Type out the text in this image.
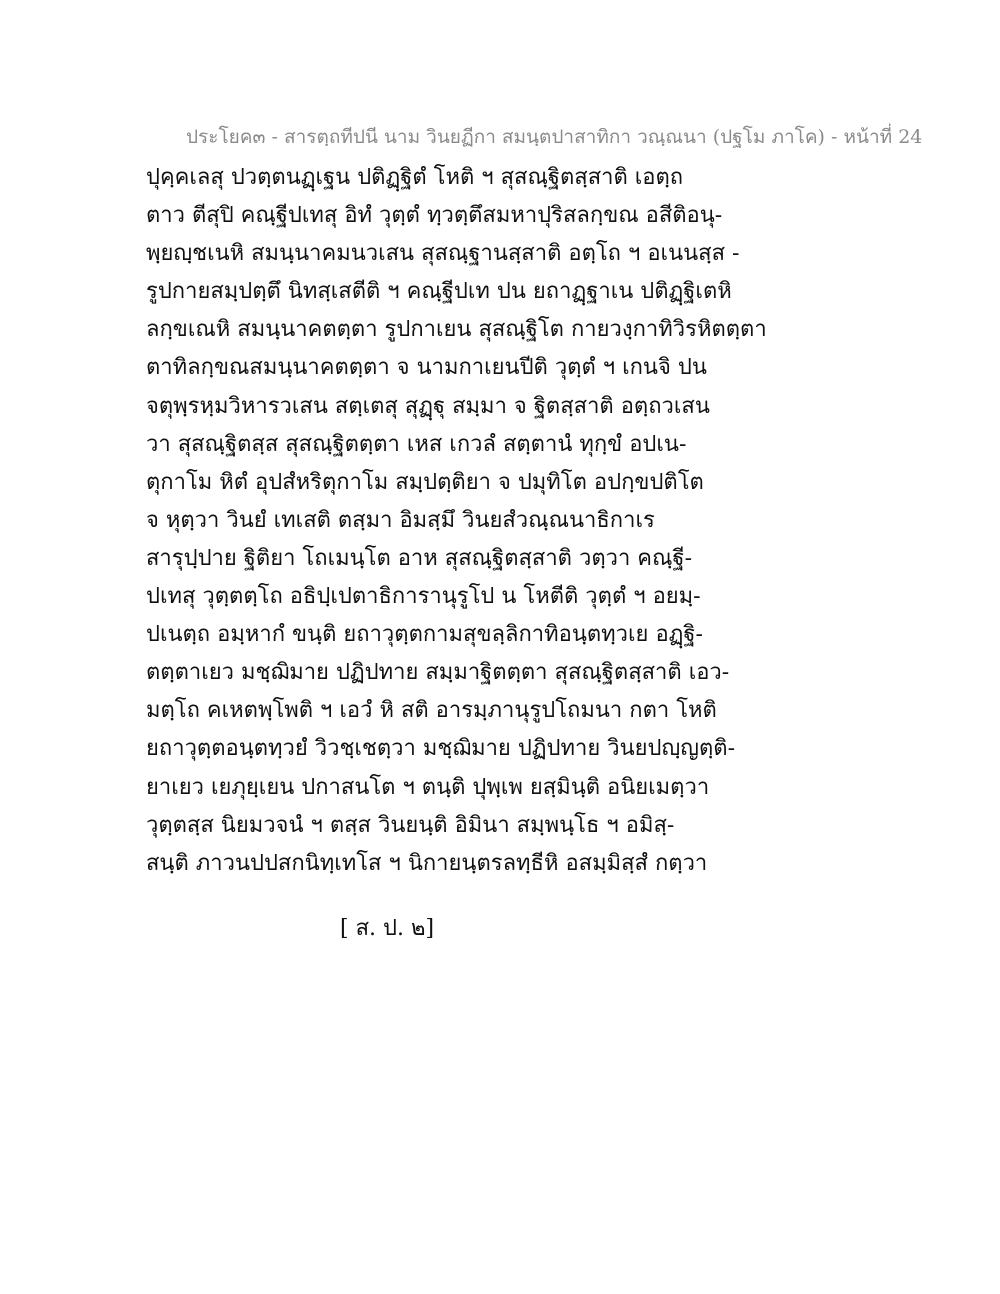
ประโยค๓ - สารตฺถทีปนี นาม วินยฏีกา สมนฺตปาสาทิกา วณฺณนา (ปฐโม ภาโค) - หน้าที่ 24
ปุคฺคเลสุ ปวตฺตนฏฺเฐน ปติฏฺฐิตํ โหติ ฯ สุสณฺฐิตสฺสาติ เอตฺถ
ตาว ตีสุปิ คณฺฐีปเทสุ อิทํ วุตฺตํ ทฺวตฺตึสมหาปุริสลกฺขณ อสีติอนุ-
พฺยญฺชเนหิ สมนฺนาคมนวเสน สุสณฺฐานสฺสาติ อตฺโถ ฯ อเนนสฺส -
รูปกายสมฺปตฺตึ นิทสฺเสตีติ ฯ คณฺฐีปเท ปน ยถาฏฺฐาเน ปติฏฺฐิเตหิ
ลกฺขเณหิ สมนฺนาคตตฺตา รูปกาเยน สุสณฺฐิโต กายวงฺกาทิวิรหิตตฺตา
ตาทิลกฺขณสมนฺนาคตตฺตา จ นามกาเยนปีติ วุตฺตํ ฯ เกนจิ ปน
จตุพฺรหฺมวิหารวเสน สตฺเตสุ สุฏฺฐุ สมฺมา จ ฐิตสฺสาติ อตฺถวเสน
วา สุสณฺฐิตสฺส สุสณฺฐิตตฺตา เหส เกวลํ สตฺตานํ ทุกฺขํ อปเน-
ตุกาโม หิตํ อุปสํหริตุกาโม สมฺปตฺติยา จ ปมุทิโต อปกฺขปติโต
จ หุตฺวา วินยํ เทเสติ ตสฺมา อิมสฺมึ วินยสํวณฺณนาธิกาเร
สารุปฺปาย ฐิติยา โถเมนฺโต อาห สุสณฺฐิตสฺสาติ วตฺวา คณฺฐี-
ปเทสุ วุตฺตตฺโถ อธิปฺเปตาธิการานุรูโป น โหตีติ วุตฺตํ ฯ อยมฺ-
ปเนตฺถ อมฺหากํ ขนฺติ ยถาวุตฺตกามสุขลฺลิกาทิอนฺตทฺวเย อฏฺฐิ-
ตตฺตาเยว มชฺฌิมาย ปฏิปทาย สมฺมาฐิตตฺตา สุสณฺฐิตสฺสาติ เอว-
มตฺโถ คเหตพฺโพติ ฯ เอวํ หิ สติ อารมฺภานุรูปโถมนา กตา โหติ
ยถาวุตฺตอนฺตทฺวยํ วิวชฺเชตฺวา มชฺฌิมาย ปฏิปทาย วินยปญฺญตฺติ-
ยาเยว เยภุยฺเยน ปกาสนโต ฯ ตนฺติ ปุพฺเพ ยสฺมินฺติ อนิยเมตฺวา
วุตฺตสฺส นิยมวจนํ ฯ ตสฺส วินยนฺติ อิมินา สมฺพนฺโธ ฯ อมิสฺ-
สนฺติ ภาวนปปสกนิทฺเทโส ฯ นิกายนฺตรลทฺธีหิ อสมฺมิสฺสํ กตฺวา
[ ส. ป. ๒]
